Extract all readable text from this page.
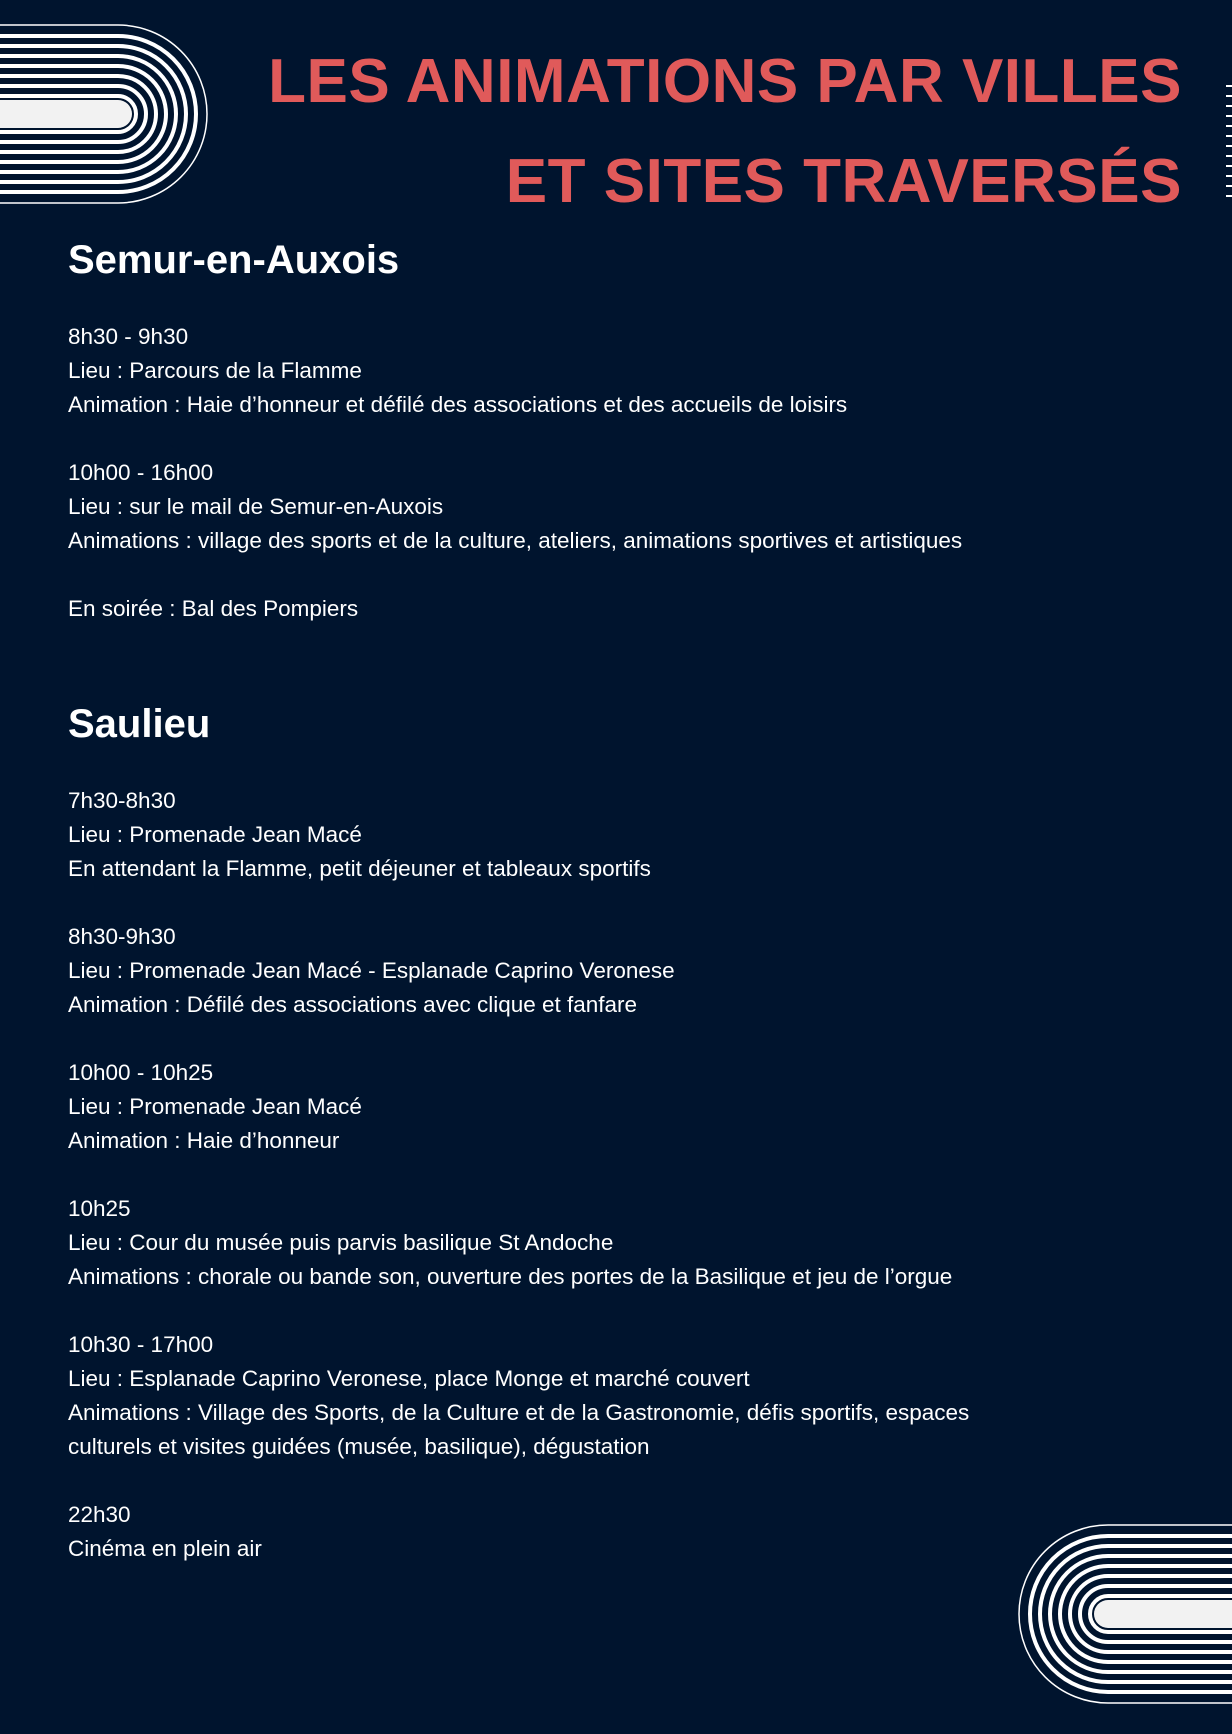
LES ANIMATIONS PAR VILLES
ET SITES TRAVERSÉS
Semur-en-Auxois
8h30 - 9h30
Lieu : Parcours de la Flamme
Animation : Haie d’honneur et défilé des associations et des accueils de loisirs
10h00 - 16h00
Lieu : sur le mail de Semur-en-Auxois
Animations : village des sports et de la culture, ateliers, animations sportives et artistiques
En soirée : Bal des Pompiers
Saulieu
7h30-8h30
Lieu : Promenade Jean Macé
En attendant la Flamme, petit déjeuner et tableaux sportifs
8h30-9h30
Lieu : Promenade Jean Macé - Esplanade Caprino Veronese
Animation : Défilé des associations avec clique et fanfare
10h00 - 10h25
Lieu : Promenade Jean Macé
Animation : Haie d’honneur
10h25
Lieu : Cour du musée puis parvis basilique St Andoche
Animations : chorale ou bande son, ouverture des portes de la Basilique et jeu de l’orgue
10h30 - 17h00
Lieu : Esplanade Caprino Veronese, place Monge et marché couvert
Animations : Village des Sports, de la Culture et de la Gastronomie, défis sportifs, espaces culturels et visites guidées (musée, basilique), dégustation
22h30
Cinéma en plein air
